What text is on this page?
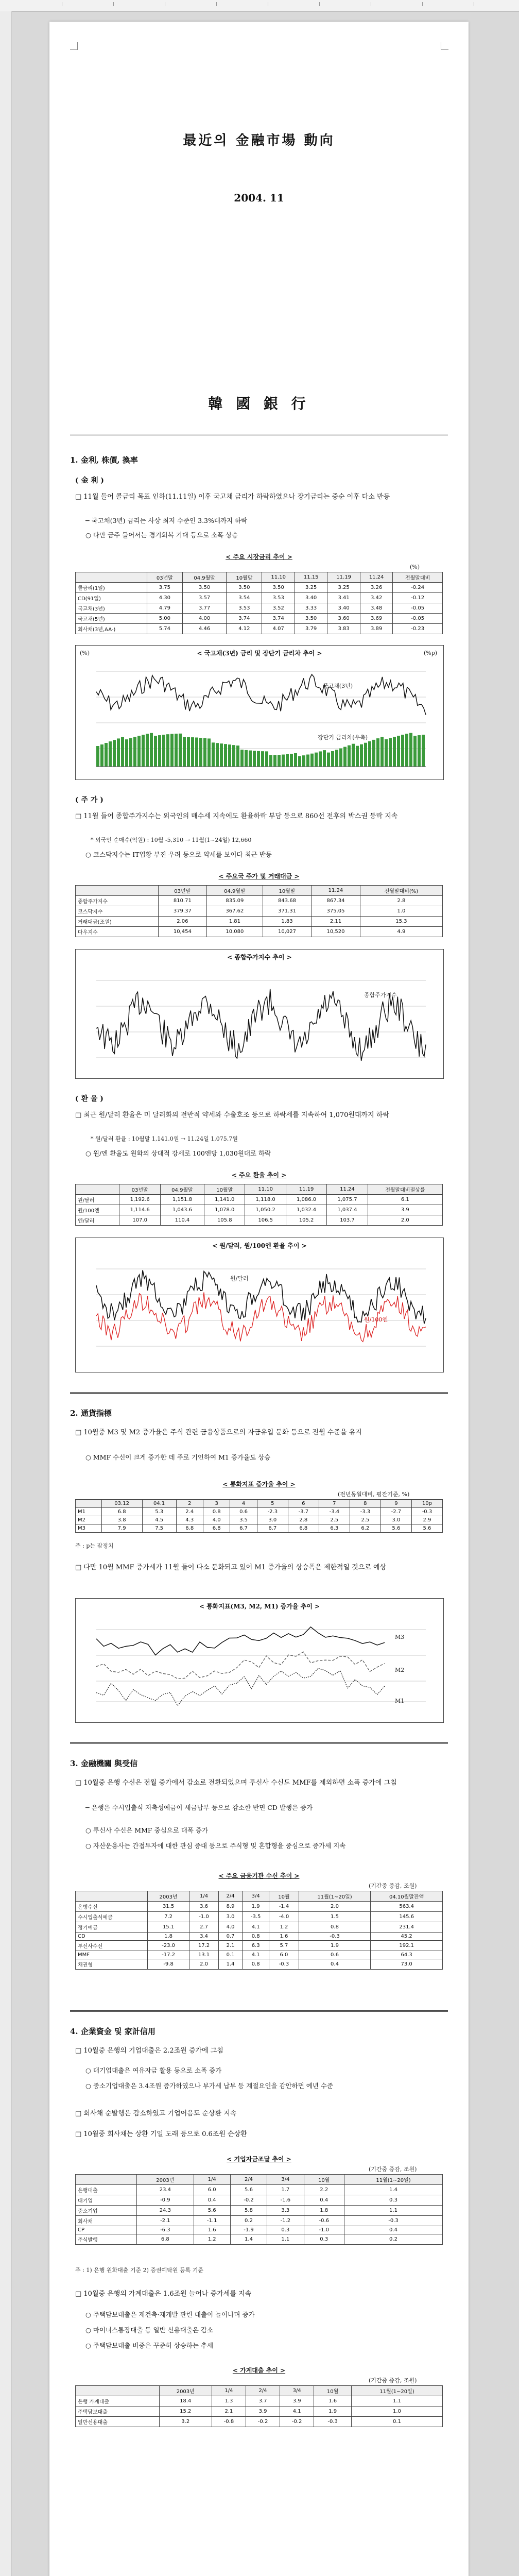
最近의 金融市場 動向
2004. 11
韓 國 銀 行
1. 金利, 株價, 換率
( 金 利 )
□ 11월 들어 콜금리 목표 인하(11.11일) 이후 국고채 금리가 하락하였으나 장기금리는 중순 이후 다소 반등
─ 국고채(3년) 금리는 사상 최저 수준인 3.3%대까지 하락
○ 다만 금주 들어서는 경기회복 기대 등으로 소폭 상승
< 주요 시장금리 추이 >
(%)
	03년말	04.9월말	10월말	11.10	11.15	11.19	11.24	전월말대비
콜금리(1일)	3.75	3.50	3.50	3.50	3.25	3.25	3.26	-0.24
CD(91일)	4.30	3.57	3.54	3.53	3.40	3.41	3.42	-0.12
국고채(3년)	4.79	3.77	3.53	3.52	3.33	3.40	3.48	-0.05
국고채(5년)	5.00	4.00	3.74	3.74	3.50	3.60	3.69	-0.05
회사채(3년,AA-)	5.74	4.46	4.12	4.07	3.79	3.83	3.89	-0.23
< 국고채(3년) 금리 및 장단기 금리차 추이 >
(%)	(%p)
국고채(3년)
장단기 금리차(우축)
( 주 가 )
□ 11월 들어 종합주가지수는 외국인의 매수세 지속에도 환율하락 부담 등으로 860선 전후의 박스권 등락 지속
* 외국인 순매수(억원) : 10월 -5,310 → 11월(1~24일) 12,660
○ 코스닥지수는 IT업황 부진 우려 등으로 약세를 보이다 최근 반등
< 주요국 주가 및 거래대금 >
	03년말	04.9월말	10월말	11.24	전월말대비(%)
종합주가지수	810.71	835.09	843.68	867.34	2.8
코스닥지수	379.37	367.62	371.31	375.05	1.0
거래대금(조원)	2.06	1.81	1.83	2.11	15.3
다우지수	10,454	10,080	10,027	10,520	4.9
< 종합주가지수 추이 >
종합주가지수
( 환 율 )
□ 최근 원/달러 환율은 미 달러화의 전반적 약세와 수출호조 등으로 하락세를 지속하여 1,070원대까지 하락
* 원/달러 환율 : 10월말 1,141.0원 → 11.24일 1,075.7원
○ 원/엔 환율도 원화의 상대적 강세로 100엔당 1,030원대로 하락
< 주요 환율 추이 >
	03년말	04.9월말	10월말	11.10	11.19	11.24	전월말대비절상률
원/달러	1,192.6	1,151.8	1,141.0	1,118.0	1,086.0	1,075.7	6.1
원/100엔	1,114.6	1,043.6	1,078.0	1,050.2	1,032.4	1,037.4	3.9
엔/달러	107.0	110.4	105.8	106.5	105.2	103.7	2.0
< 원/달러, 원/100엔 환율 추이 >
원/달러
원/100엔
2. 通貨指標
□ 10월중 M3 및 M2 증가율은 주식 관련 금융상품으로의 자금유입 둔화 등으로 전월 수준을 유지
○ MMF 수신이 크게 증가한 데 주로 기인하여 M1 증가율도 상승
< 통화지표 증가율 추이 >
(전년동월대비, 평잔기준, %)
	03.12	04.1	2	3	4	5	6	7	8	9	10p
M1	6.8	5.3	2.4	0.8	0.6	-2.3	-3.7	-3.4	-3.3	-2.7	-0.3
M2	3.8	4.5	4.3	4.0	3.5	3.0	2.8	2.5	2.5	3.0	2.9
M3	7.9	7.5	6.8	6.8	6.7	6.7	6.8	6.3	6.2	5.6	5.6
주 : p는 잠정치
□ 다만 10월 MMF 증가세가 11월 들어 다소 둔화되고 있어 M1 증가율의 상승폭은 제한적일 것으로 예상
< 통화지표(M3, M2, M1) 증가율 추이 >
M3
M2
M1
3. 金融機關 與受信
□ 10월중 은행 수신은 전월 증가에서 감소로 전환되었으며 투신사 수신도 MMF를 제외하면 소폭 증가에 그침
─ 은행은 수시입출식 저축성예금이 세금납부 등으로 감소한 반면 CD 발행은 증가
○ 투신사 수신은 MMF 중심으로 대폭 증가
○ 자산운용사는 간접투자에 대한 관심 증대 등으로 주식형 및 혼합형을 중심으로 증가세 지속
< 주요 금융기관 수신 추이 >
(기간중 증감, 조원)
	2003년	1/4	2/4	3/4	10월	11월(1~20일)	04.10월말잔액
은행수신	31.5	3.6	8.9	1.9	-1.4	2.0	563.4
수시입출식예금	7.2	-1.0	3.0	-3.5	-4.0	1.5	145.6
정기예금	15.1	2.7	4.0	4.1	1.2	0.8	231.4
CD	1.8	3.4	0.7	0.8	1.6	-0.3	45.2
투신사수신	-23.0	17.2	2.1	6.3	5.7	1.9	192.1
MMF	-17.2	13.1	0.1	4.1	6.0	0.6	64.3
채권형	-9.8	2.0	1.4	0.8	-0.3	0.4	73.0
4. 企業資金 및 家計信用
□ 10월중 은행의 기업대출은 2.2조원 증가에 그침
○ 대기업대출은 여유자금 활용 등으로 소폭 증가
○ 중소기업대출은 3.4조원 증가하였으나 부가세 납부 등 계절요인을 감안하면 예년 수준
□ 회사채 순발행은 감소하였고 기업어음도 순상환 지속
□ 10월중 회사채는 상환 기일 도래 등으로 0.6조원 순상환
< 기업자금조달 추이 >
(기간중 증감, 조원)
	2003년	1/4	2/4	3/4	10월	11월(1~20일)
은행대출	23.4	6.0	5.6	1.7	2.2	1.4
대기업	-0.9	0.4	-0.2	-1.6	0.4	0.3
중소기업	24.3	5.6	5.8	3.3	1.8	1.1
회사채	-2.1	-1.1	0.2	-1.2	-0.6	-0.3
CP	-6.3	1.6	-1.9	0.3	-1.0	0.4
주식발행	6.8	1.2	1.4	1.1	0.3	0.2
주 : 1) 은행 원화대출 기준 2) 증권예탁원 등록 기준
□ 10월중 은행의 가계대출은 1.6조원 늘어나 증가세를 지속
○ 주택담보대출은 재건축·재개발 관련 대출이 늘어나며 증가
○ 마이너스통장대출 등 일반 신용대출은 감소
○ 주택담보대출 비중은 꾸준히 상승하는 추세
< 가계대출 추이 >
(기간중 증감, 조원)
	2003년	1/4	2/4	3/4	10월	11월(1~20일)
은행 가계대출	18.4	1.3	3.7	3.9	1.6	1.1
주택담보대출	15.2	2.1	3.9	4.1	1.9	1.0
일반신용대출	3.2	-0.8	-0.2	-0.2	-0.3	0.1
